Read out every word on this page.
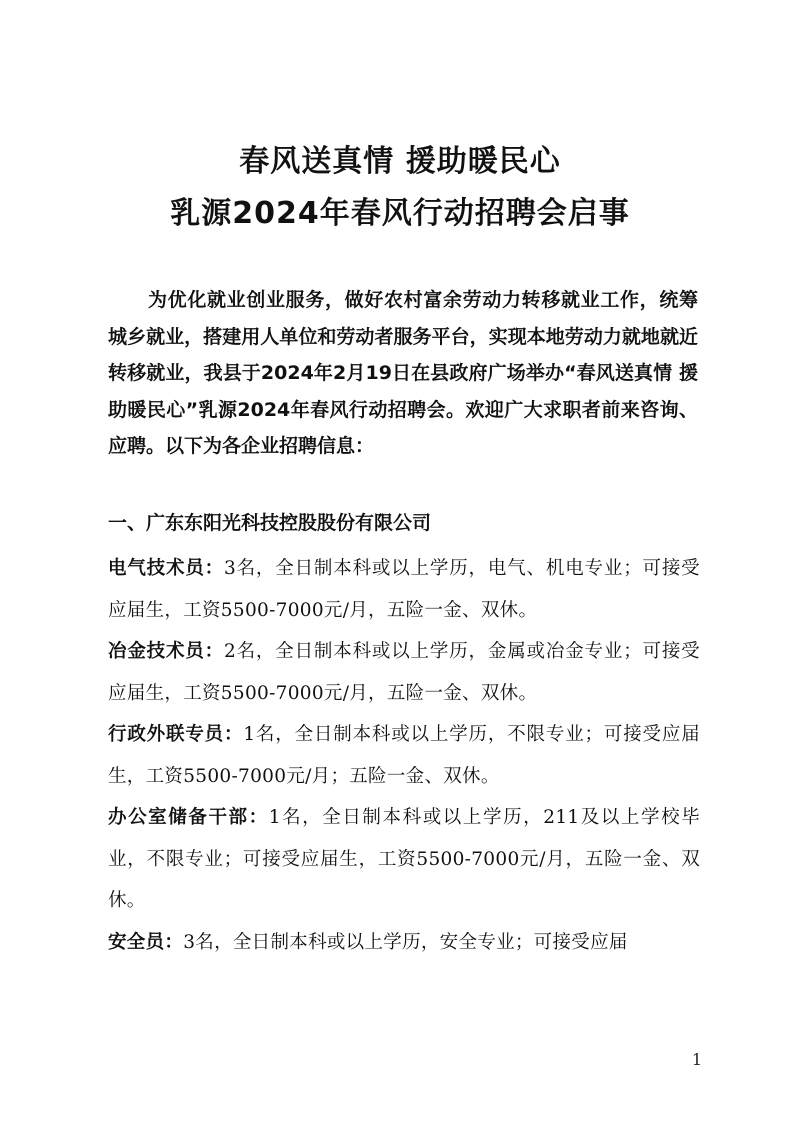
春风送真情 援助暖民心
乳源2024年春风行动招聘会启事

为优化就业创业服务，做好农村富余劳动力转移就业工作，统筹城乡就业，搭建用人单位和劳动者服务平台，实现本地劳动力就地就近转移就业，我县于2024年2月19日在县政府广场举办“春风送真情 援助暖民心”乳源2024年春风行动招聘会。欢迎广大求职者前来咨询、应聘。以下为各企业招聘信息：

一、广东东阳光科技控股股份有限公司

电气技术员：3名，全日制本科或以上学历，电气、机电专业；可接受应届生，工资5500-7000元/月，五险一金、双休。
冶金技术员：2名，全日制本科或以上学历，金属或冶金专业；可接受应届生，工资5500-7000元/月，五险一金、双休。
行政外联专员：1名，全日制本科或以上学历，不限专业；可接受应届生，工资5500-7000元/月；五险一金、双休。
办公室储备干部：1名，全日制本科或以上学历，211及以上学校毕业，不限专业；可接受应届生，工资5500-7000元/月，五险一金、双休。
安全员：3名，全日制本科或以上学历，安全专业；可接受应届
1
